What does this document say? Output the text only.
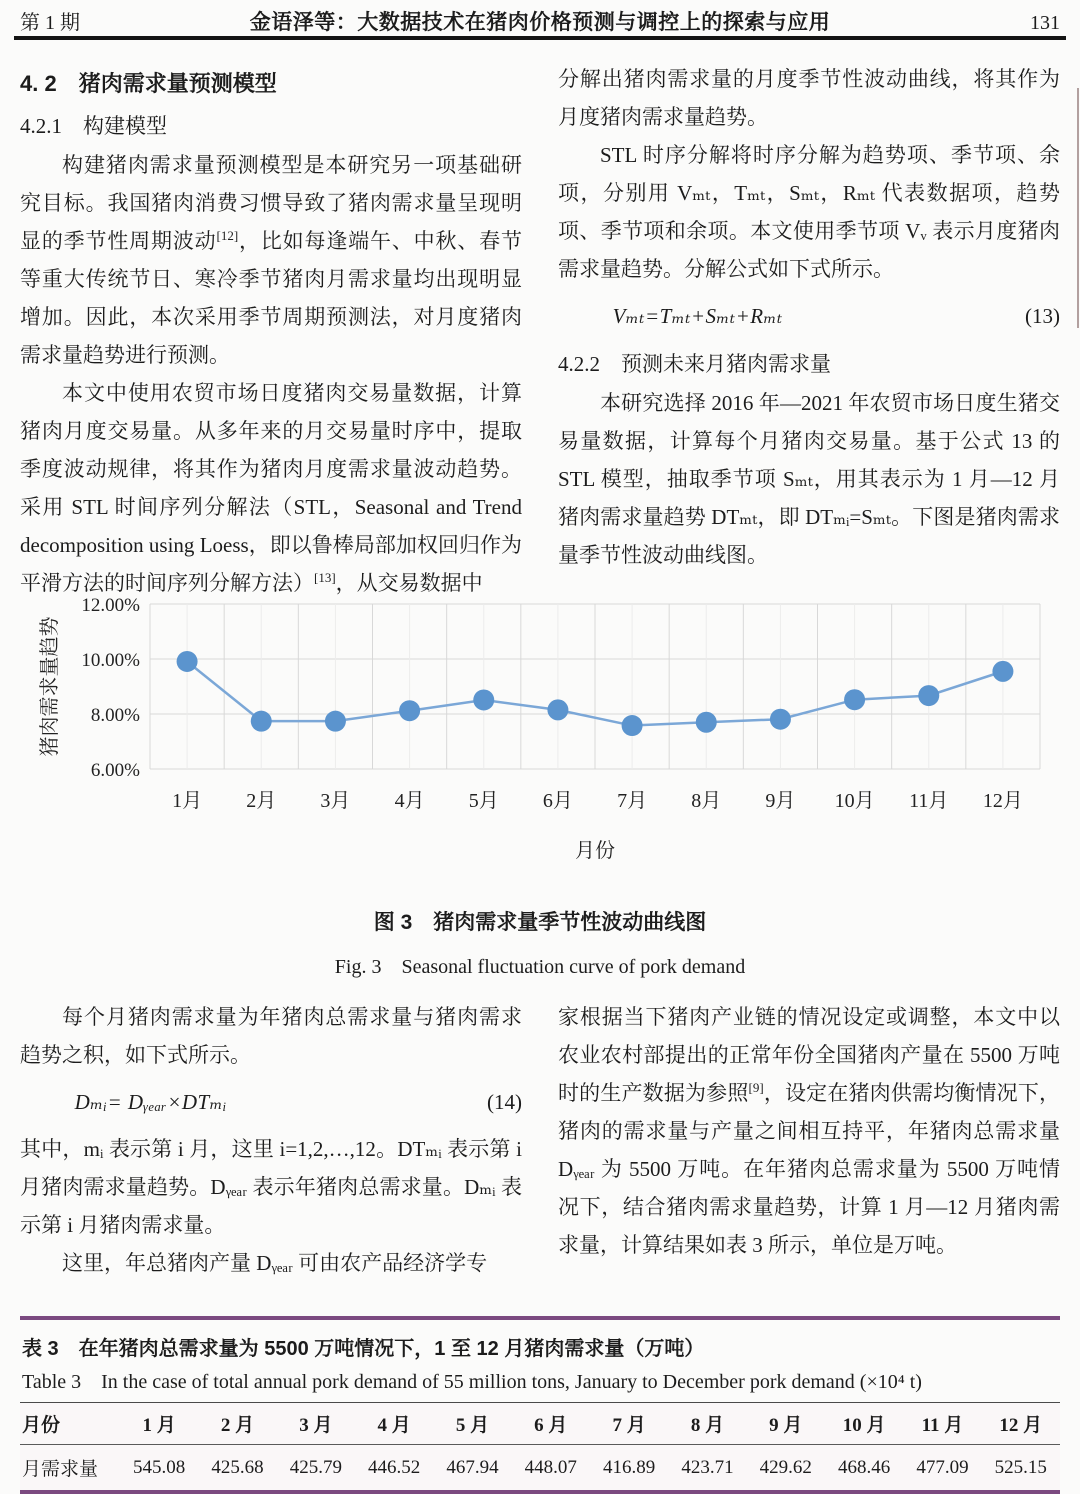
第 1 期	金语泽等：大数据技术在猪肉价格预测与调控上的探索与应用	131
4. 2　猪肉需求量预测模型
4.2.1　构建模型

构建猪肉需求量预测模型是本研究另一项基础研究目标。我国猪肉消费习惯导致了猪肉需求量呈现明显的季节性周期波动[12]，比如每逢端午、中秋、春节等重大传统节日、寒冷季节猪肉月需求量均出现明显增加。因此，本次采用季节周期预测法，对月度猪肉需求量趋势进行预测。

本文中使用农贸市场日度猪肉交易量数据，计算猪肉月度交易量。从多年来的月交易量时序中，提取季度波动规律，将其作为猪肉月度需求量波动趋势。采用 STL 时间序列分解法（STL，Seasonal and Trend decomposition using Loess，即以鲁棒局部加权回归作为平滑方法的时间序列分解方法）[13]，从交易数据中

分解出猪肉需求量的月度季节性波动曲线，将其作为月度猪肉需求量趋势。

STL 时序分解将时序分解为趋势项、季节项、余项，分别用 Vₘₜ，Tₘₜ，Sₘₜ，Rₘₜ 代表数据项，趋势项、季节项和余项。本文使用季节项 Vᵥ 表示月度猪肉需求量趋势。分解公式如下式所示。

Vₘₜ=Tₘₜ+Sₘₜ+Rₘₜ	(13)
4.2.2　预测未来月猪肉需求量

本研究选择 2016 年—2021 年农贸市场日度生猪交易量数据，计算每个月猪肉交易量。基于公式 13 的 STL 模型，抽取季节项 Sₘₜ，用其表示为 1 月—12 月猪肉需求量趋势 DTₘₜ，即 DTₘᵢ=Sₘₜ。下图是猪肉需求量季节性波动曲线图。

6.00%
8.00%
10.00%
12.00%
1月 2月 3月 4月 5月 6月 7月 8月 9月 10月 11月 12月
猪肉需求量趋势
月份
图 3　猪肉需求量季节性波动曲线图
Fig. 3　Seasonal fluctuation curve of pork demand

每个月猪肉需求量为年猪肉总需求量与猪肉需求趋势之积，如下式所示。

Dₘᵢ= Dᵧₑₐᵣ×DTₘᵢ	(14)

其中，mᵢ 表示第 i 月，这里 i=1,2,…,12。DTₘᵢ 表示第 i 月猪肉需求量趋势。Dᵧₑₐᵣ 表示年猪肉总需求量。Dₘᵢ 表示第 i 月猪肉需求量。

这里，年总猪肉产量 Dᵧₑₐᵣ 可由农产品经济学专

家根据当下猪肉产业链的情况设定或调整，本文中以农业农村部提出的正常年份全国猪肉产量在 5500 万吨时的生产数据为参照[9]，设定在猪肉供需均衡情况下，猪肉的需求量与产量之间相互持平，年猪肉总需求量 Dᵧₑₐᵣ 为 5500 万吨。在年猪肉总需求量为 5500 万吨情况下，结合猪肉需求量趋势，计算 1 月—12 月猪肉需求量，计算结果如表 3 所示，单位是万吨。

表 3　在年猪肉总需求量为 5500 万吨情况下，1 至 12 月猪肉需求量（万吨）
Table 3　In the case of total annual pork demand of 55 million tons, January to December pork demand (×10⁴ t)
月份	1 月	2 月	3 月	4 月	5 月	6 月	7 月	8 月	9 月	10 月	11 月	12 月
月需求量	545.08	425.68	425.79	446.52	467.94	448.07	416.89	423.71	429.62	468.46	477.09	525.15
